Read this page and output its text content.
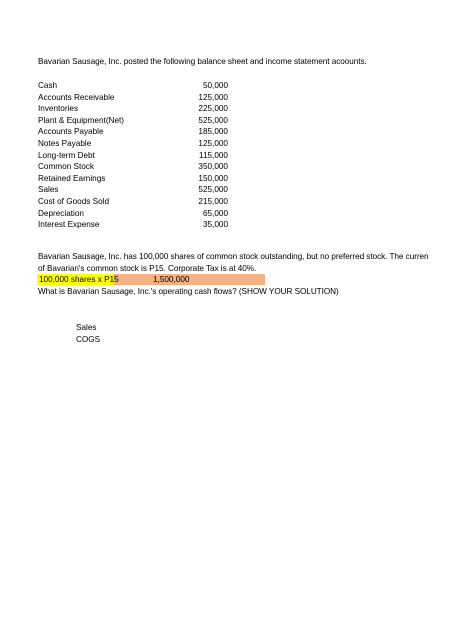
Bavarian Sausage, Inc. posted the following balance sheet and income statement acoounts.
Cash	50,000
Accounts Receivable	125,000
Inventories	225,000
Plant & Equipment(Net)	525,000
Accounts Payable	185,000
Notes Payable	125,000
Long-term Debt	115,000
Common Stock	350,000
Retained Earnings	150,000
Sales	525,000
Cost of Goods Sold	215,000
Depreciation	65,000
Interest Expense	35,000
Bavarian Sausage, Inc. has 100,000 shares of common stock outstanding, but no preferred stock. The curren
of Bavarian's common stock is P15. Corporate Tax is at 40%.
100,000 shares x P15	1,500,000
What is Bavarian Sausage, Inc.'s operating cash flows? (SHOW YOUR SOLUTION)
Sales
COGS
